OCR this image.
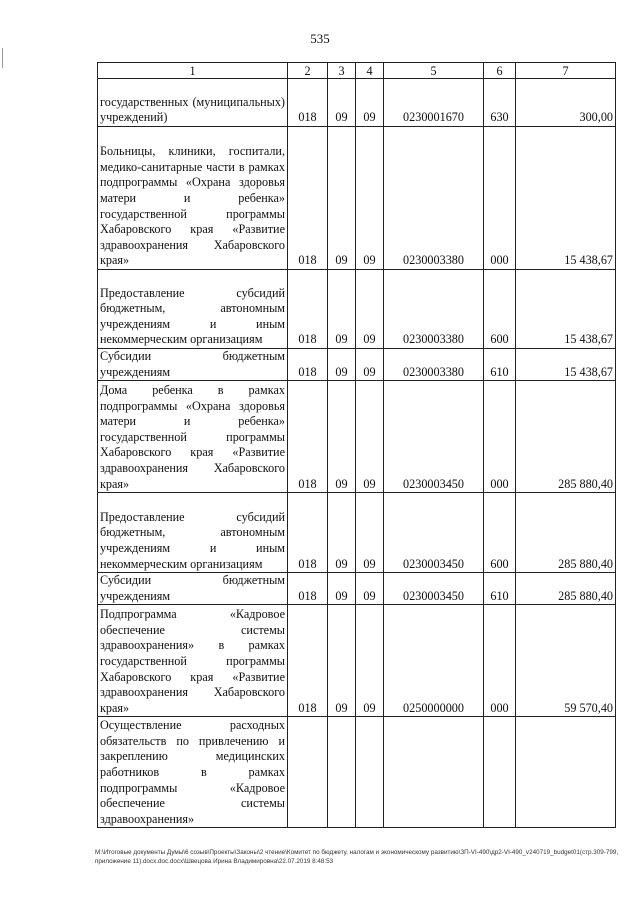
535
1	2	3	4	5	6	7
государственных (муниципальных) учреждений)	018	09	09	0230001670	630	300,00
Больницы, клиники, госпитали, медико-санитарные части в рамках подпрограммы «Охрана здоровья матери и ребенка» государственной программы Хабаровского края «Развитие здравоохранения Хабаровского края»	018	09	09	0230003380	000	15 438,67
Предоставление субсидий бюджетным, автономным учреждениям и иным некоммерческим организациям	018	09	09	0230003380	600	15 438,67
Субсидии бюджетным учреждениям	018	09	09	0230003380	610	15 438,67
Дома ребенка в рамках подпрограммы «Охрана здоровья матери и ребенка» государственной программы Хабаровского края «Развитие здравоохранения Хабаровского края»	018	09	09	0230003450	000	285 880,40
Предоставление субсидий бюджетным, автономным учреждениям и иным некоммерческим организациям	018	09	09	0230003450	600	285 880,40
Субсидии бюджетным учреждениям	018	09	09	0230003450	610	285 880,40
Подпрограмма «Кадровое обеспечение системы здравоохранения» в рамках государственной программы Хабаровского края «Развитие здравоохранения Хабаровского края»	018	09	09	0250000000	000	59 570,40
Осуществление расходных обязательств по привлечению и закреплению медицинских работников в рамках подпрограммы «Кадровое обеспечение системы здравоохранения»						
M:\Итоговые документы Думы\6 созыв\Проекты\Законы\2 чтение\Комитет по бюджету, налогам и экономическому развитию\ЗП-VI-490\др2-VI-490_v240719_budget01(стр.309-799, приложение 11).docx.doc.docx\Швецова Ирина Владимировна\22.07.2019 8:48:53
